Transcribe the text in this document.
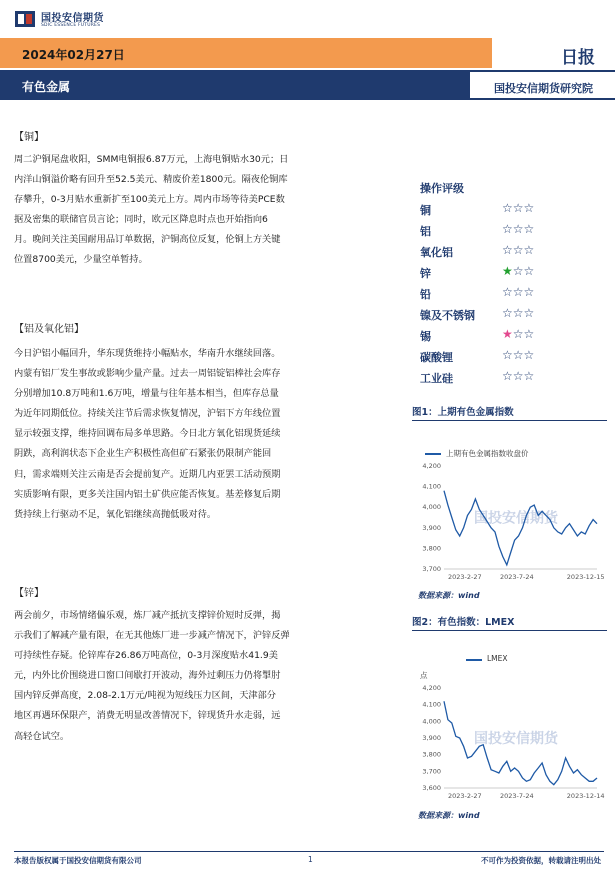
国投安信期货
SDIC ESSENCE FUTURES
2024年02月27日	日报
有色金属	国投安信期货研究院
【铜】
周二沪铜尾盘收阳，SMM电铜报6.87万元，上海电铜贴水30元；日
内洋山铜溢价略有回升至52.5美元、精废价差1800元。隔夜伦铜库
存攀升，0-3月贴水重新扩至100美元上方。周内市场等待美PCE数
据及密集的联储官员言论；同时，欧元区降息时点也开始指向6
月。晚间关注美国耐用品订单数据，沪铜高位反复，伦铜上方关键
位置8700美元，少量空单暂持。
【铝及氧化铝】
今日沪铝小幅回升，华东现货维持小幅贴水，华南升水继续回落。
内蒙有铝厂发生事故或影响少量产量。过去一周铝锭铝棒社会库存
分别增加10.8万吨和1.6万吨，增量与往年基本相当，但库存总量
为近年同期低位。持续关注节后需求恢复情况，沪铝下方年线位置
显示较强支撑，维持回调布局多单思路。今日北方氧化铝现货延续
阴跌，高利润状态下企业生产积极性高但矿石紧张仍限制产能回
归，需求端则关注云南是否会提前复产。近期几内亚罢工活动预期
实质影响有限，更多关注国内铝土矿供应能否恢复。基差修复后期
货持续上行驱动不足，氧化铝继续高抛低吸对待。
【锌】
两会前夕，市场情绪偏乐观，炼厂减产抵抗支撑锌价短时反弹，揭
示我们了解减产量有限，在无其他炼厂进一步减产情况下，沪锌反弹
可持续性存疑。伦锌库存26.86万吨高位，0-3月深度贴水41.9美
元，内外比价围绕进口窗口间歇打开波动，海外过剩压力仍将掣肘
国内锌反弹高度，2.08-2.1万元/吨视为短线压力区间，天津部分
地区再遇环保限产，消费无明显改善情况下，锌现货升水走弱，远
高轻仓试空。
操作评级
铜	☆☆☆
铝	☆☆☆
氧化铝	☆☆☆
锌	★☆☆
铅	☆☆☆
镍及不锈钢 ☆☆☆
锡	★☆☆
碳酸锂	☆☆☆
工业硅	☆☆☆
图1：上期有色金属指数
上期有色金属指数收盘价
国投安信期货
3,700
3,800
3,900
4,000
4,100
4,200
2023-2-27	2023-7-24	2023-12-15
数据来源：wind
图2：有色指数：LMEX
LMEX
点
国投安信期货
3,600
3,700
3,800
3,900
4,000
4,100
4,200
2023-2-27	2023-7-24	2023-12-14
数据来源：wind
本报告版权属于国投安信期货有限公司	1	不可作为投资依据，转载请注明出处
